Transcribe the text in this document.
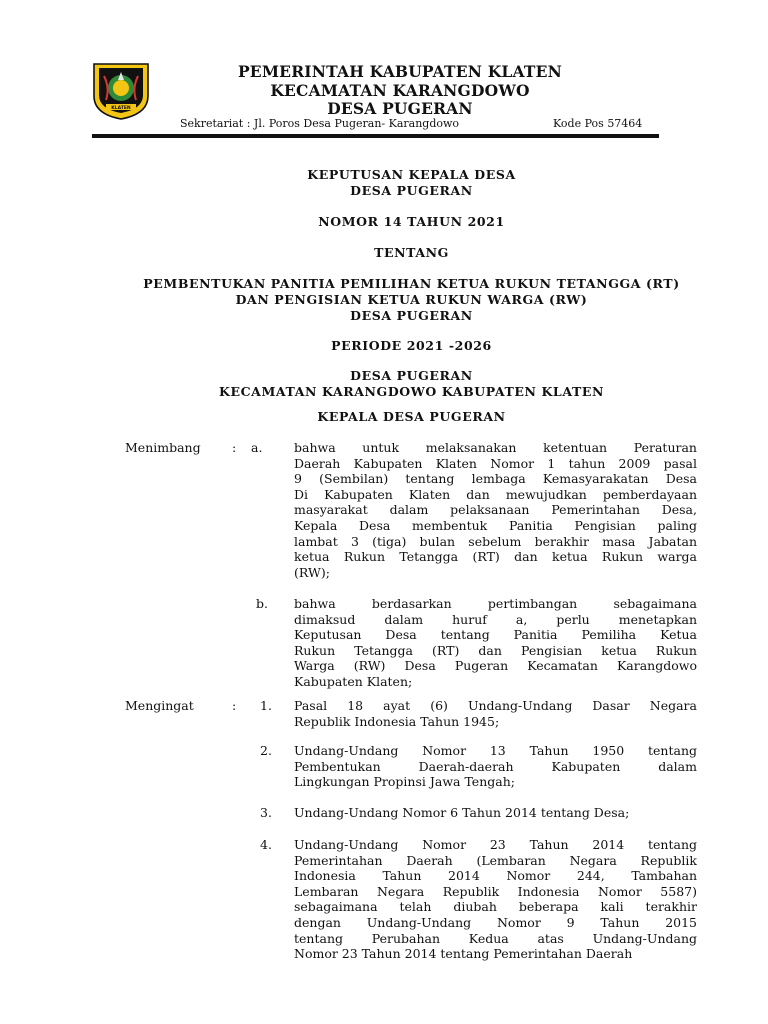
KLATEN
PEMERINTAH KABUPATEN KLATEN
KECAMATAN KARANGDOWO
DESA PUGERAN
Sekretariat : Jl. Poros Desa Pugeran- Karangdowo	Kode Pos 57464
KEPUTUSAN KEPALA DESA
DESA PUGERAN
NOMOR 14 TAHUN 2021
TENTANG
PEMBENTUKAN PANITIA PEMILIHAN KETUA RUKUN TETANGGA (RT)
DAN PENGISIAN KETUA RUKUN WARGA (RW)
DESA PUGERAN
PERIODE 2021 -2026
DESA PUGERAN
KECAMATAN KARANGDOWO KABUPATEN KLATEN
KEPALA DESA PUGERAN
Menimbang	: a.	bahwa untuk melaksanakan ketentuan Peraturan
Daerah Kabupaten Klaten Nomor 1 tahun 2009 pasal
9 (Sembilan) tentang lembaga Kemasyarakatan Desa
Di Kabupaten Klaten dan mewujudkan pemberdayaan
masyarakat dalam pelaksanaan Pemerintahan Desa,
Kepala Desa membentuk Panitia Pengisian paling
lambat 3 (tiga) bulan sebelum berakhir masa Jabatan
ketua Rukun Tetangga (RT) dan ketua Rukun warga
(RW);
b. bahwa berdasarkan pertimbangan sebagaimana
dimaksud dalam huruf a, perlu menetapkan
Keputusan Desa tentang Panitia Pemiliha Ketua
Rukun Tetangga (RT) dan Pengisian ketua Rukun
Warga (RW) Desa Pugeran Kecamatan Karangdowo
Kabupaten Klaten;
Mengingat	: 1. Pasal 18 ayat (6) Undang-Undang Dasar Negara
Republik Indonesia Tahun 1945;
2. Undang-Undang Nomor 13 Tahun 1950 tentang
Pembentukan Daerah-daerah Kabupaten dalam
Lingkungan Propinsi Jawa Tengah;
3. Undang-Undang Nomor 6 Tahun 2014 tentang Desa;
4. Undang-Undang Nomor 23 Tahun 2014 tentang
Pemerintahan Daerah (Lembaran Negara Republik
Indonesia Tahun 2014 Nomor 244, Tambahan
Lembaran Negara Republik Indonesia Nomor 5587)
sebagaimana telah diubah beberapa kali terakhir
dengan Undang-Undang Nomor 9 Tahun 2015
tentang Perubahan Kedua atas Undang-Undang
Nomor 23 Tahun 2014 tentang Pemerintahan Daerah
